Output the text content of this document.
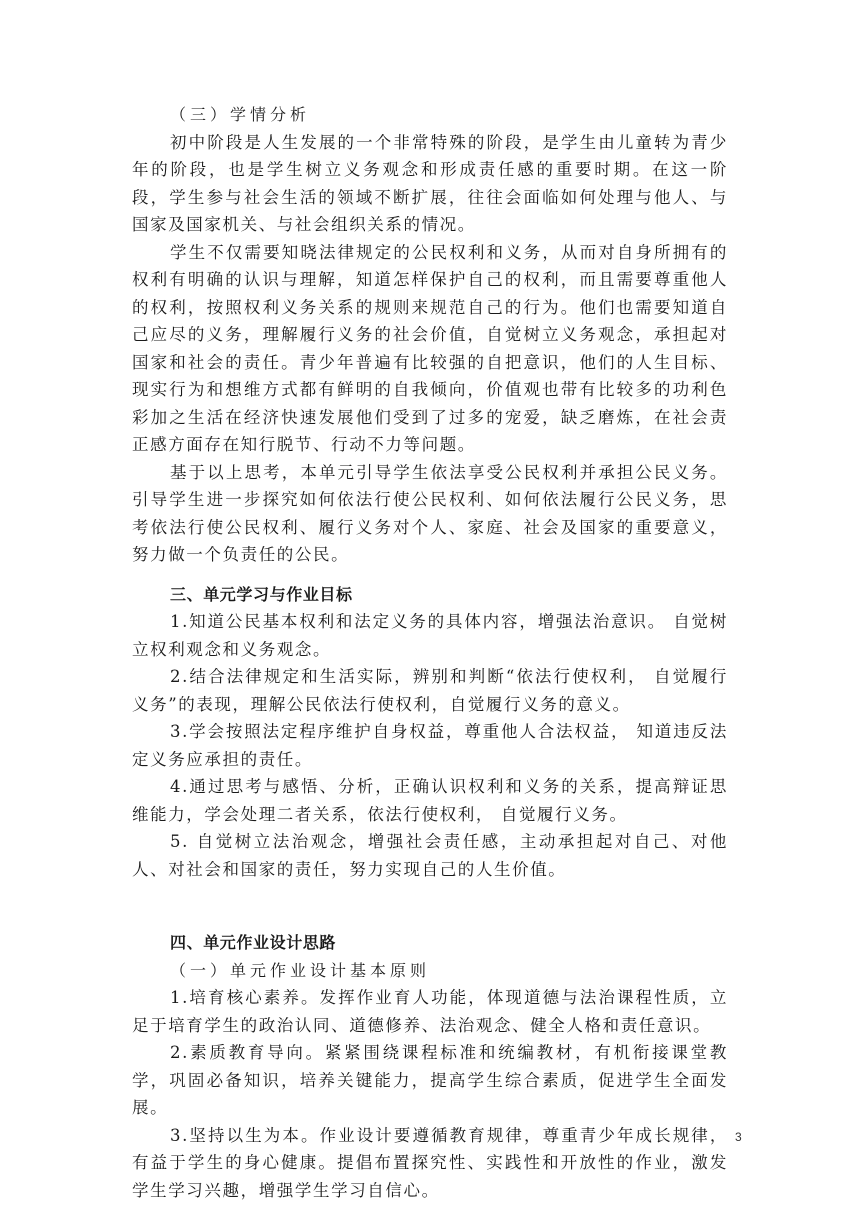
（三）学情分析

初中阶段是人生发展的一个非常特殊的阶段，是学生由儿童转为青少年的阶段，也是学生树立义务观念和形成责任感的重要时期。在这一阶段，学生参与社会生活的领域不断扩展，往往会面临如何处理与他人、与国家及国家机关、与社会组织关系的情况。

学生不仅需要知晓法律规定的公民权利和义务，从而对自身所拥有的权利有明确的认识与理解，知道怎样保护自己的权利，而且需要尊重他人的权利，按照权利义务关系的规则来规范自己的行为。他们也需要知道自己应尽的义务，理解履行义务的社会价值，自觉树立义务观念，承担起对国家和社会的责任。青少年普遍有比较强的自把意识，他们的人生目标、现实行为和想维方式都有鲜明的自我倾向，价值观也带有比较多的功利色彩加之生活在经济快速发展他们受到了过多的宠爱，缺乏磨炼，在社会责正感方面存在知行脱节、行动不力等问题。

基于以上思考，本单元引导学生依法享受公民权利并承担公民义务。引导学生进一步探究如何依法行使公民权利、如何依法履行公民义务，思考依法行使公民权利、履行义务对个人、家庭、社会及国家的重要意义，努力做一个负责任的公民。

三、单元学习与作业目标

1.知道公民基本权利和法定义务的具体内容，增强法治意识。 自觉树立权利观念和义务观念。

2.结合法律规定和生活实际，辨别和判断“依法行使权利， 自觉履行义务”的表现，理解公民依法行使权利，自觉履行义务的意义。

3.学会按照法定程序维护自身权益，尊重他人合法权益， 知道违反法定义务应承担的责任。

4.通过思考与感悟、分析，正确认识权利和义务的关系，提高辩证思维能力，学会处理二者关系，依法行使权利， 自觉履行义务。

5. 自觉树立法治观念，增强社会责任感，主动承担起对自己、对他人、对社会和国家的责任，努力实现自己的人生价值。

四、单元作业设计思路

（一）单元作业设计基本原则

1.培育核心素养。发挥作业育人功能，体现道德与法治课程性质，立足于培育学生的政治认同、道德修养、法治观念、健全人格和责任意识。

2.素质教育导向。紧紧围绕课程标准和统编教材，有机衔接课堂教学，巩固必备知识，培养关键能力，提高学生综合素质，促进学生全面发展。

3.坚持以生为本。作业设计要遵循教育规律，尊重青少年成长规律，有益于学生的身心健康。提倡布置探究性、实践性和开放性的作业，激发学生学习兴趣，增强学生学习自信心。

3
